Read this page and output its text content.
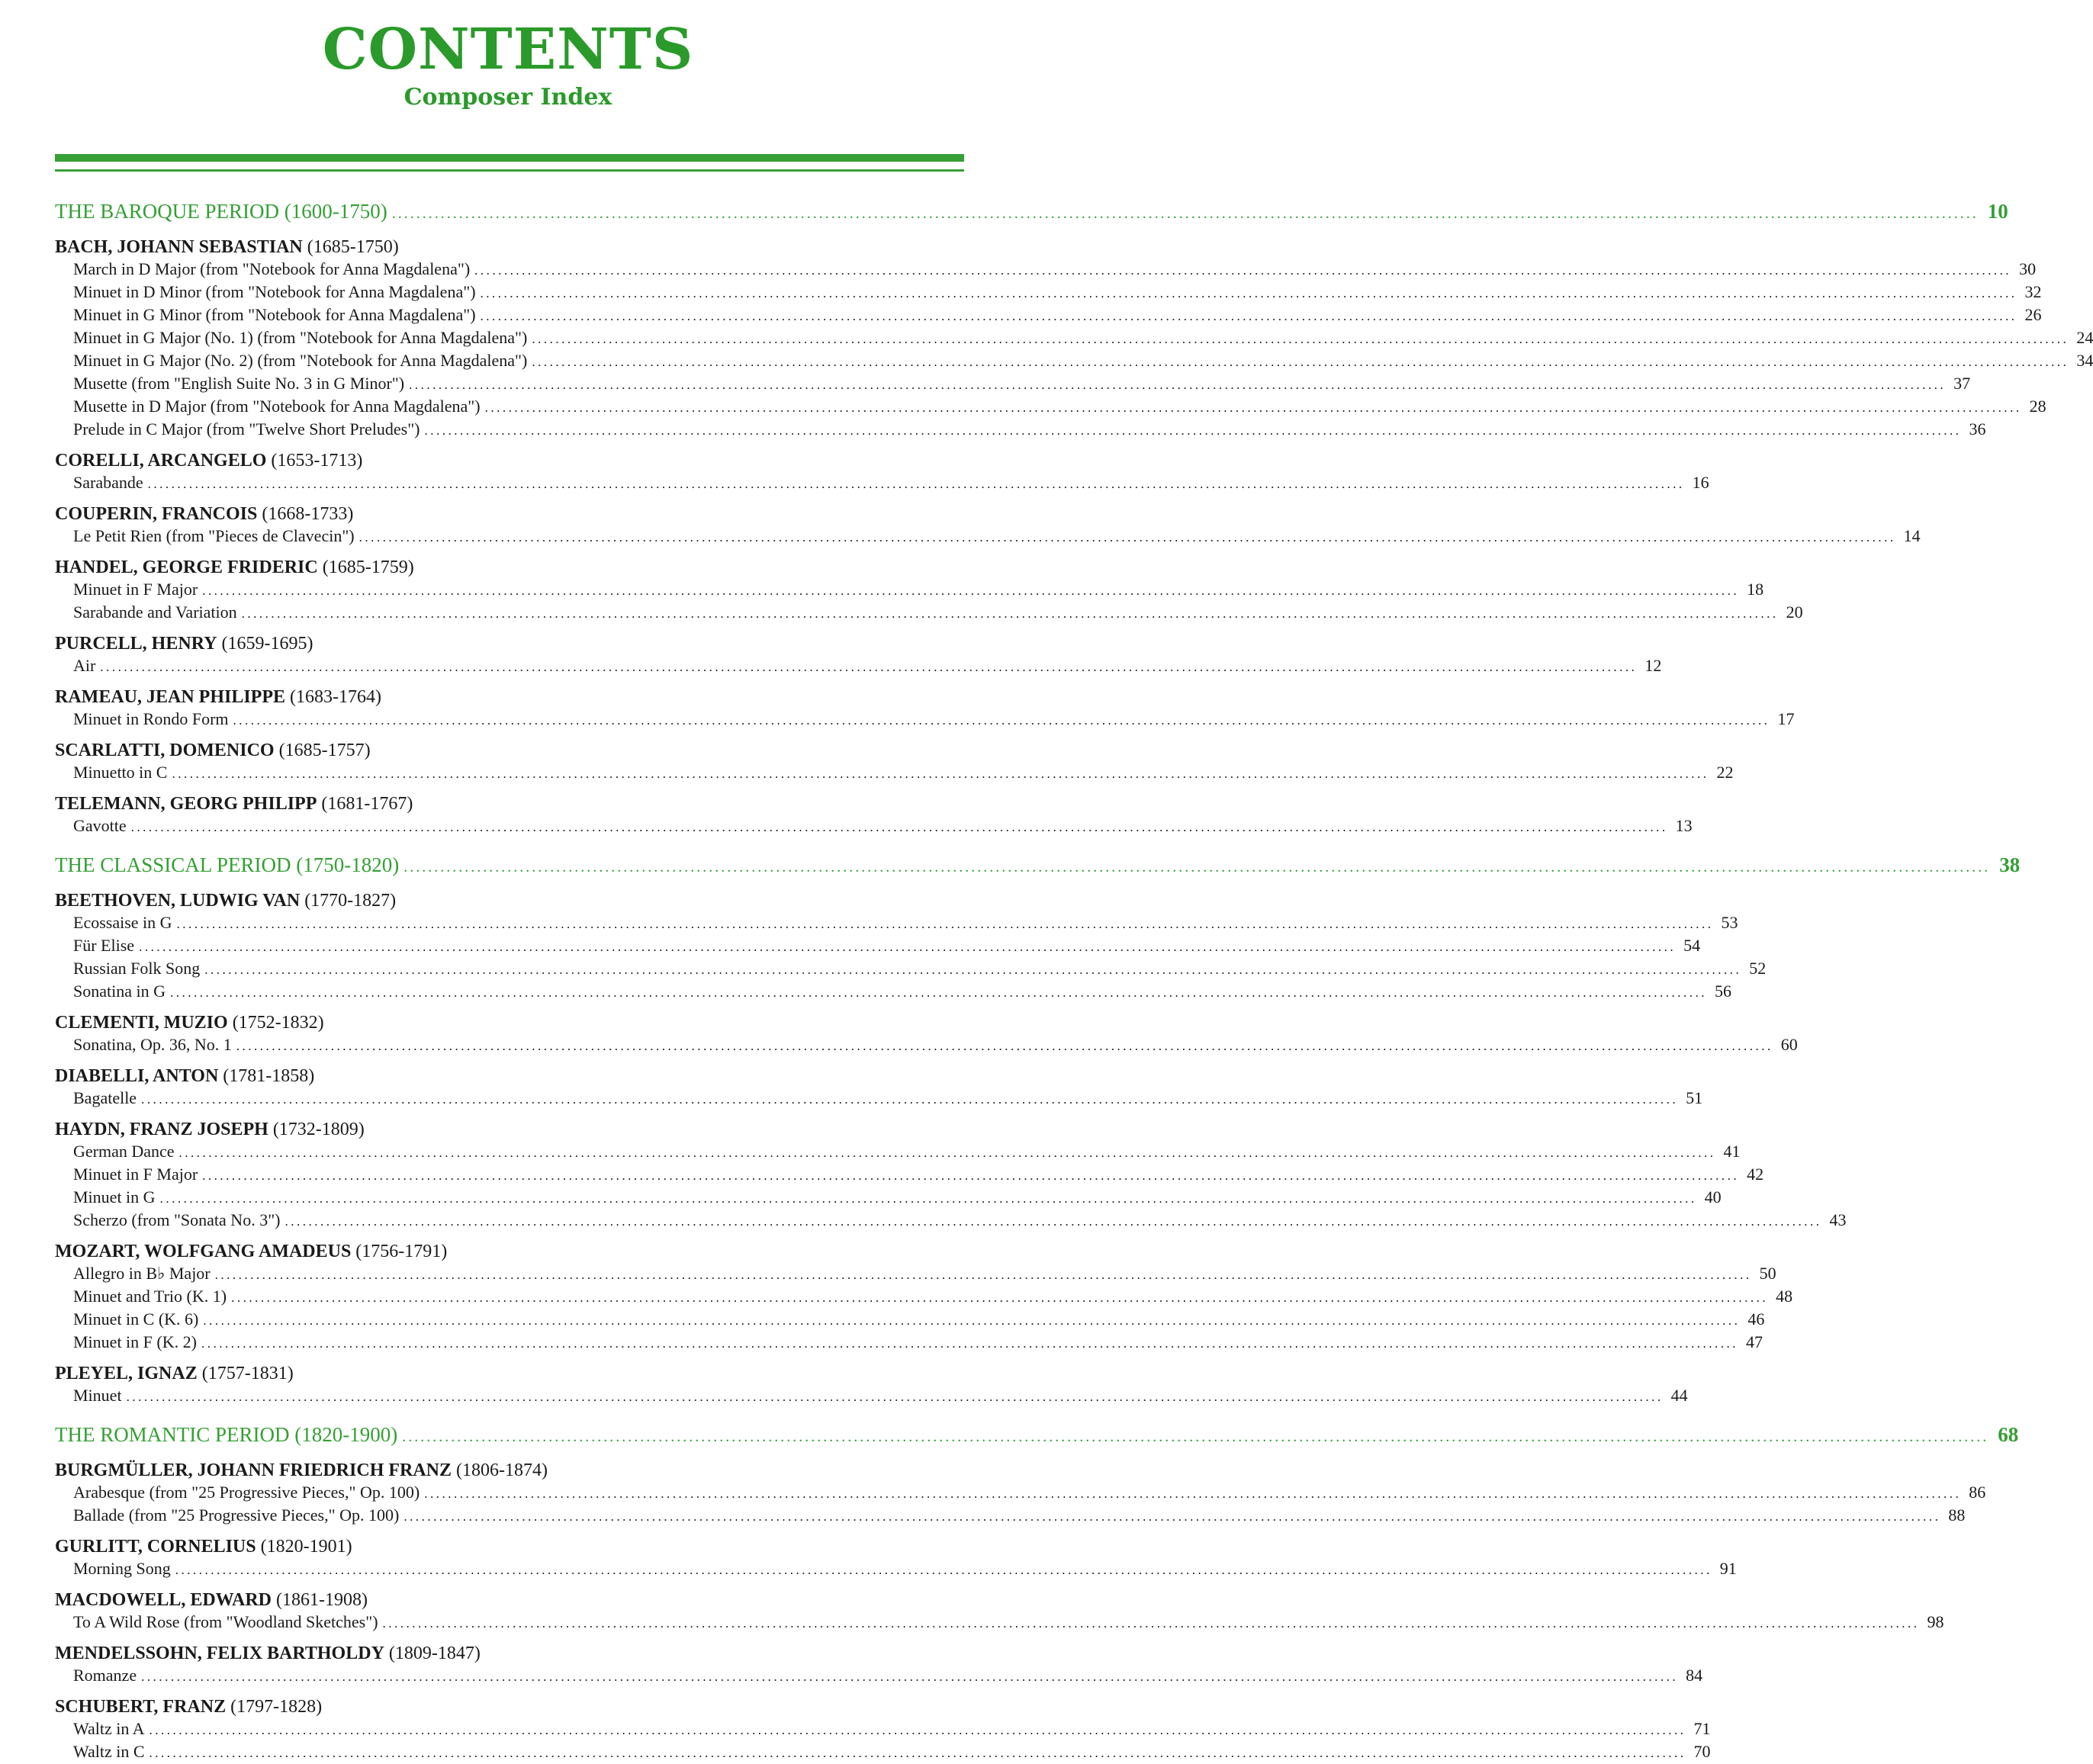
CONTENTS
Composer Index
THE BAROQUE PERIOD (1600-1750) .................................................................................................................................................................................................................................................................... 10
BACH, JOHANN SEBASTIAN (1685-1750)
March in D Major (from "Notebook for Anna Magdalena") .................................................................................................................................................................................................................................................................... 30
Minuet in D Minor (from "Notebook for Anna Magdalena") .................................................................................................................................................................................................................................................................... 32
Minuet in G Minor (from "Notebook for Anna Magdalena") .................................................................................................................................................................................................................................................................... 26
Minuet in G Major (No. 1) (from "Notebook for Anna Magdalena") .................................................................................................................................................................................................................................................................... 24
Minuet in G Major (No. 2) (from "Notebook for Anna Magdalena") .................................................................................................................................................................................................................................................................... 34
Musette (from "English Suite No. 3 in G Minor") .................................................................................................................................................................................................................................................................... 37
Musette in D Major (from "Notebook for Anna Magdalena") .................................................................................................................................................................................................................................................................... 28
Prelude in C Major (from "Twelve Short Preludes") .................................................................................................................................................................................................................................................................... 36
CORELLI, ARCANGELO (1653-1713)
Sarabande .................................................................................................................................................................................................................................................................... 16
COUPERIN, FRANCOIS (1668-1733)
Le Petit Rien (from "Pieces de Clavecin") .................................................................................................................................................................................................................................................................... 14
HANDEL, GEORGE FRIDERIC (1685-1759)
Minuet in F Major .................................................................................................................................................................................................................................................................... 18
Sarabande and Variation .................................................................................................................................................................................................................................................................... 20
PURCELL, HENRY (1659-1695)
Air .................................................................................................................................................................................................................................................................... 12
RAMEAU, JEAN PHILIPPE (1683-1764)
Minuet in Rondo Form .................................................................................................................................................................................................................................................................... 17
SCARLATTI, DOMENICO (1685-1757)
Minuetto in C .................................................................................................................................................................................................................................................................... 22
TELEMANN, GEORG PHILIPP (1681-1767)
Gavotte .................................................................................................................................................................................................................................................................... 13
THE CLASSICAL PERIOD (1750-1820) .................................................................................................................................................................................................................................................................... 38
BEETHOVEN, LUDWIG VAN (1770-1827)
Ecossaise in G .................................................................................................................................................................................................................................................................... 53
Für Elise .................................................................................................................................................................................................................................................................... 54
Russian Folk Song .................................................................................................................................................................................................................................................................... 52
Sonatina in G .................................................................................................................................................................................................................................................................... 56
CLEMENTI, MUZIO (1752-1832)
Sonatina, Op. 36, No. 1 .................................................................................................................................................................................................................................................................... 60
DIABELLI, ANTON (1781-1858)
Bagatelle .................................................................................................................................................................................................................................................................... 51
HAYDN, FRANZ JOSEPH (1732-1809)
German Dance .................................................................................................................................................................................................................................................................... 41
Minuet in F Major .................................................................................................................................................................................................................................................................... 42
Minuet in G .................................................................................................................................................................................................................................................................... 40
Scherzo (from "Sonata No. 3") .................................................................................................................................................................................................................................................................... 43
MOZART, WOLFGANG AMADEUS (1756-1791)
Allegro in B♭ Major .................................................................................................................................................................................................................................................................... 50
Minuet and Trio (K. 1) .................................................................................................................................................................................................................................................................... 48
Minuet in C (K. 6) .................................................................................................................................................................................................................................................................... 46
Minuet in F (K. 2) .................................................................................................................................................................................................................................................................... 47
PLEYEL, IGNAZ (1757-1831)
Minuet .................................................................................................................................................................................................................................................................... 44
THE ROMANTIC PERIOD (1820-1900) .................................................................................................................................................................................................................................................................... 68
BURGMÜLLER, JOHANN FRIEDRICH FRANZ (1806-1874)
Arabesque (from "25 Progressive Pieces," Op. 100) .................................................................................................................................................................................................................................................................... 86
Ballade (from "25 Progressive Pieces," Op. 100) .................................................................................................................................................................................................................................................................... 88
GURLITT, CORNELIUS (1820-1901)
Morning Song .................................................................................................................................................................................................................................................................... 91
MACDOWELL, EDWARD (1861-1908)
To A Wild Rose (from "Woodland Sketches") .................................................................................................................................................................................................................................................................... 98
MENDELSSOHN, FELIX BARTHOLDY (1809-1847)
Romanze .................................................................................................................................................................................................................................................................... 84
SCHUBERT, FRANZ (1797-1828)
Waltz in A .................................................................................................................................................................................................................................................................... 71
Waltz in C .................................................................................................................................................................................................................................................................... 70
